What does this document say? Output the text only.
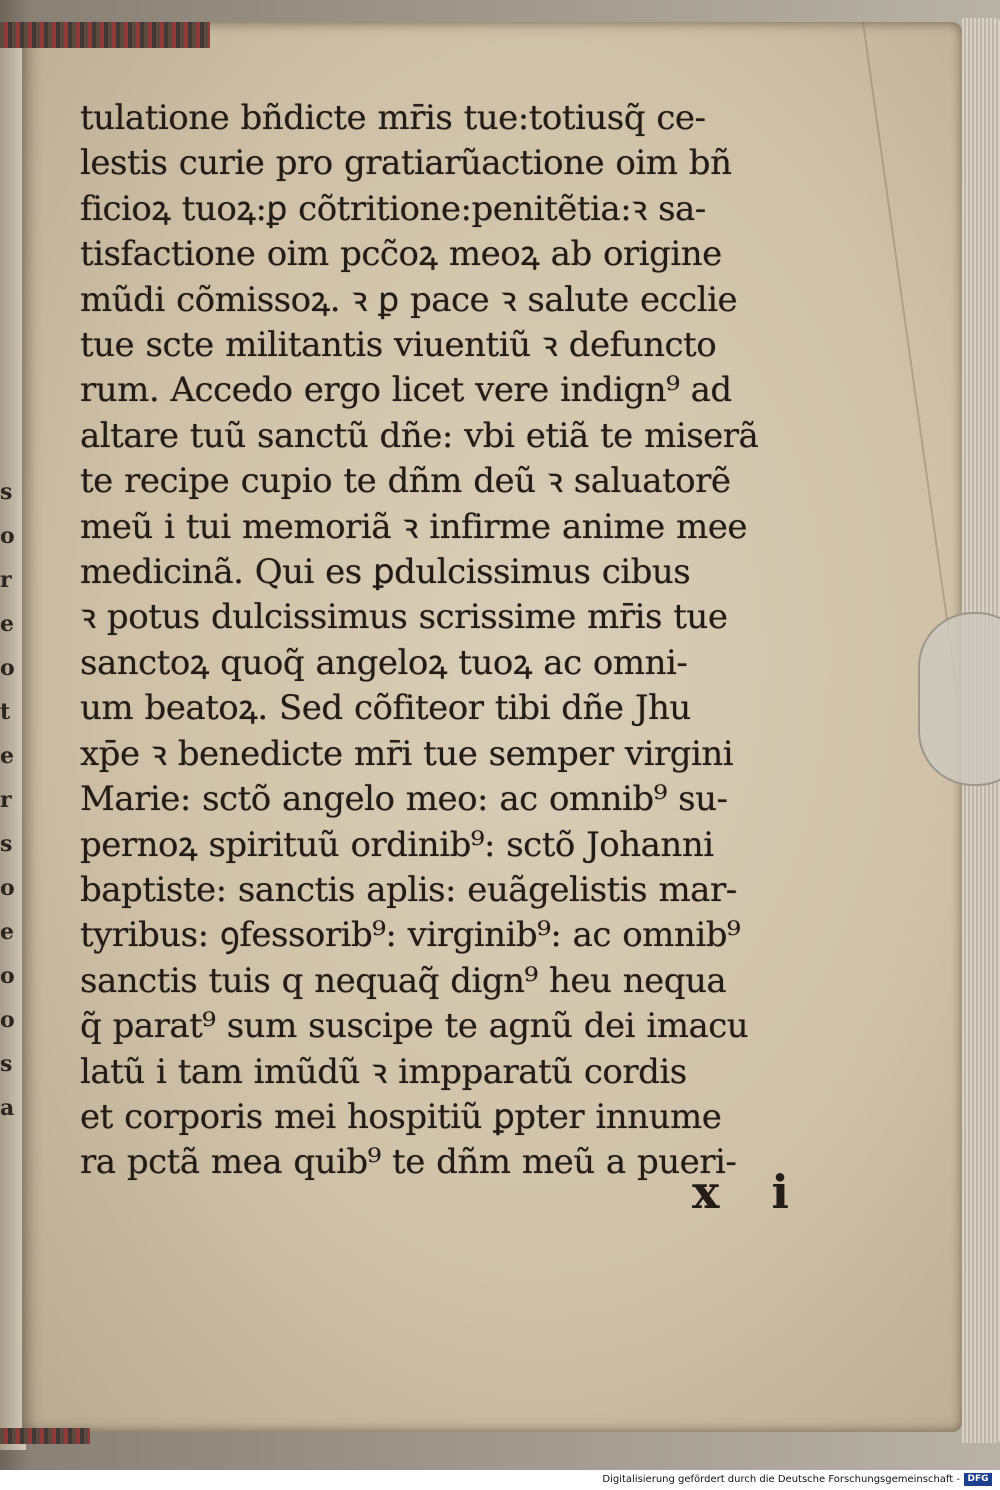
s
o
r
e
o
t
e
r
s
o
e
o
o
s
a
tulatione bñdicte mr̄is tue:totiusq̃ ce-
lestis curie pro gratiarũactione oim bñ
ficioꝝ tuoꝝ:ꝑ cõtritione:penitẽtia:ꝛ sa-
tisfactione oim pcc̃oꝝ meoꝝ ab origine
mũdi cõmissoꝝ. ꝛ ꝑ pace ꝛ salute ecclie
tue scte militantis viuentiũ ꝛ defuncto
rum. Accedo ergo licet vere indign⁹ ad
altare tuũ sanctũ dñe: vbi etiã te miserã
te recipe cupio te dñm deũ ꝛ saluatorẽ
meũ i tui memoriã ꝛ infirme anime mee
medicinã. Qui es ꝑdulcissimus cibus
ꝛ potus dulcissimus scrissime mr̄is tue
sanctoꝝ quoq̃ angeloꝝ tuoꝝ ac omni-
um beatoꝝ. Sed cõfiteor tibi dñe Jhu
xp̄e ꝛ benedicte mr̄i tue semper virgini
Marie: sctõ angelo meo: ac omnib⁹ su-
pernoꝝ spirituũ ordinib⁹: sctõ Johanni
baptiste: sanctis aplis: euãgelistis mar-
tyribus: ꝯfessorib⁹: virginib⁹: ac omnib⁹
sanctis tuis q nequaq̃ dign⁹ heu nequa
q̃ parat⁹ sum suscipe te agnũ dei imacu
latũ i tam imũdũ ꝛ impparatũ cordis
et corporis mei hospitiũ ꝑpter innume
ra pctã mea quib⁹ te dñm meũ a pueri-
x i
Digitalisierung gefördert durch die Deutsche Forschungsgemeinschaft - DFG
